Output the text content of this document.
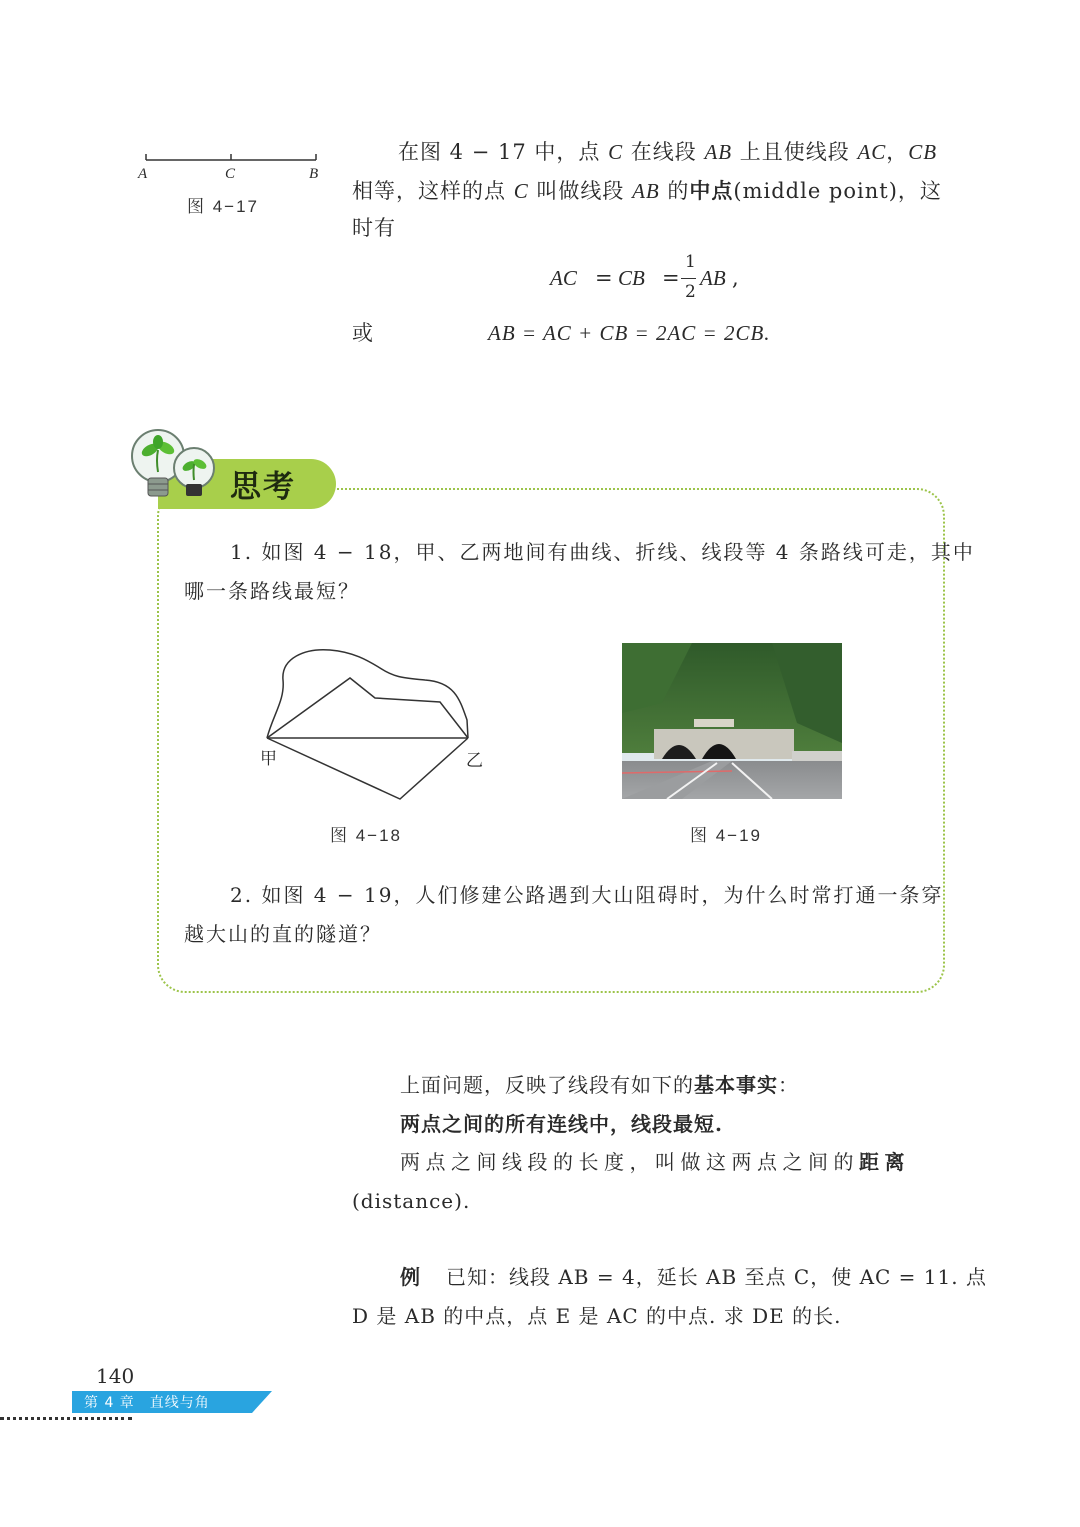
A	C	B
图 4−17
在图 4 − 17 中，点 C 在线段 AB 上且使线段 AC，CB
相等，这样的点 C 叫做线段 AB 的中点(middle point)，这
时有
AC = CB =
1
2
AB ,
或	AB = AC + CB = 2AC = 2CB.
思考
1. 如图 4 − 18，甲、乙两地间有曲线、折线、线段等 4 条路线可走，其中
哪一条路线最短？
甲	乙
图 4−18	图 4−19
2. 如图 4 − 19，人们修建公路遇到大山阻碍时，为什么时常打通一条穿
越大山的直的隧道？
上面问题，反映了线段有如下的基本事实：
两点之间的所有连线中，线段最短.
两点之间线段的长度，叫做这两点之间的距离
(distance).
例 已知：线段 AB = 4，延长 AB 至点 C，使 AC = 11. 点
D 是 AB 的中点，点 E 是 AC 的中点. 求 DE 的长.
140
第 4 章　直线与角
